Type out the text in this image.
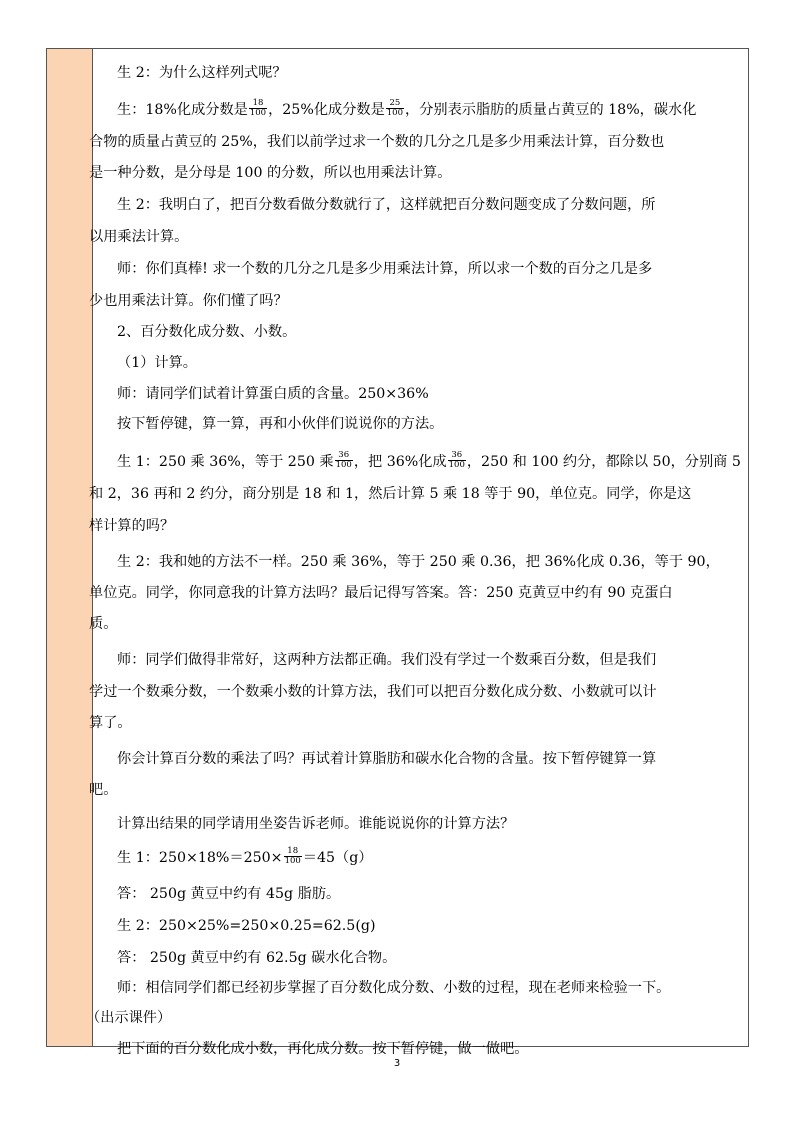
生 2：为什么这样列式呢？
生：18%化成分数是 $\frac{18}{100}$ ，25%化成分数是 $\frac{25}{100}$ ，分别表示脂肪的质量占黄豆的 18%，碳水化
合物的质量占黄豆的 25%，我们以前学过求一个数的几分之几是多少用乘法计算，百分数也
是一种分数，是分母是 100 的分数，所以也用乘法计算。
生 2：我明白了，把百分数看做分数就行了，这样就把百分数问题变成了分数问题，所
以用乘法计算。
师：你们真棒! 求一个数的几分之几是多少用乘法计算，所以求一个数的百分之几是多
少也用乘法计算。你们懂了吗？
2、百分数化成分数、小数。
（1）计算。
师：请同学们试着计算蛋白质的含量。250×36%
按下暂停键，算一算，再和小伙伴们说说你的方法。
生 1：250 乘 36%，等于 250 乘 $\frac{36}{100}$ ，把 36%化成 $\frac{36}{100}$ ，250 和 100 约分，都除以 50，分别商 5
和 2，36 再和 2 约分，商分别是 18 和 1，然后计算 5 乘 18 等于 90，单位克。同学，你是这
样计算的吗？
生 2：我和她的方法不一样。250 乘 36%，等于 250 乘 0.36，把 36%化成 0.36，等于 90，
单位克。同学，你同意我的计算方法吗？最后记得写答案。答：250 克黄豆中约有 90 克蛋白
质。
师：同学们做得非常好，这两种方法都正确。我们没有学过一个数乘百分数，但是我们
学过一个数乘分数，一个数乘小数的计算方法，我们可以把百分数化成分数、小数就可以计
算了。
你会计算百分数的乘法了吗？再试着计算脂肪和碳水化合物的含量。按下暂停键算一算
吧。
计算出结果的同学请用坐姿告诉老师。谁能说说你的计算方法？
生 1：$250\times 18\%=250\times \frac{18}{100} =45(g)$
答： 250g 黄豆中约有 45g 脂肪。
生 2：250×25%=250×0.25=62.5(g)
答： 250g 黄豆中约有 62.5g 碳水化合物。
师：相信同学们都已经初步掌握了百分数化成分数、小数的过程，现在老师来检验一下。
（出示课件）
把下面的百分数化成小数，再化成分数。按下暂停键，做一做吧。
3
